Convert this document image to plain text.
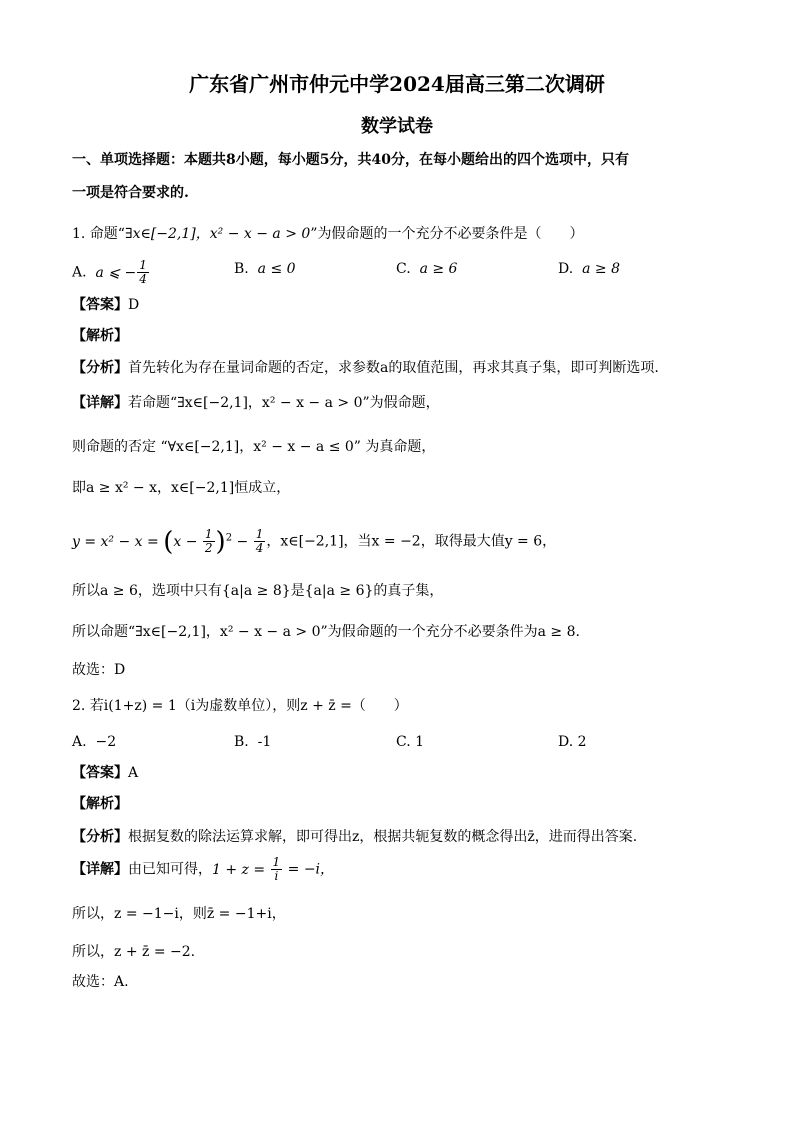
广东省广州市仲元中学2024届高三第二次调研
数学试卷
一、单项选择题：本题共8小题，每小题5分，共40分，在每小题给出的四个选项中，只有
一项是符合要求的.
1. 命题“∃x∈[−2,1]，x² − x − a > 0”为假命题的一个充分不必要条件是（　　）
A. a ⩽ − $\frac{1}{4}$	B. a ≤ 0	C. a ≥ 6	D. a ≥ 8
【答案】D
【解析】
【分析】首先转化为存在量词命题的否定，求参数a的取值范围，再求其真子集，即可判断选项.
【详解】若命题“∃x∈[−2,1]，x² − x − a > 0”为假命题，
则命题的否定 “∀x∈[−2,1]，x² − x − a ≤ 0” 为真命题，
即a ≥ x² − x，x∈[−2,1]恒成立，
$y = x^2 - x = (x - \frac{1}{2} )^2 - \frac{1}{4}$ ，x∈[−2,1]，当x = −2，取得最大值y = 6，
所以a ≥ 6，选项中只有{a|a ≥ 8}是{a|a ≥ 6}的真子集，
所以命题“∃x∈[−2,1]，x² − x − a > 0”为假命题的一个充分不必要条件为a ≥ 8.
故选：D
2. 若i(1+z) = 1（i为虚数单位），则z + z̄ =（　　）
A. −2	B. -1	C. 1	D. 2
【答案】A
【解析】
【分析】根据复数的除法运算求解，即可得出z，根据共轭复数的概念得出z̄，进而得出答案.
【详解】由已知可得，$1 + z = \frac{1}{i} = -i$，
所以，z = −1−i，则z̄ = −1+i，
所以，z + z̄ = −2.
故选：A.
